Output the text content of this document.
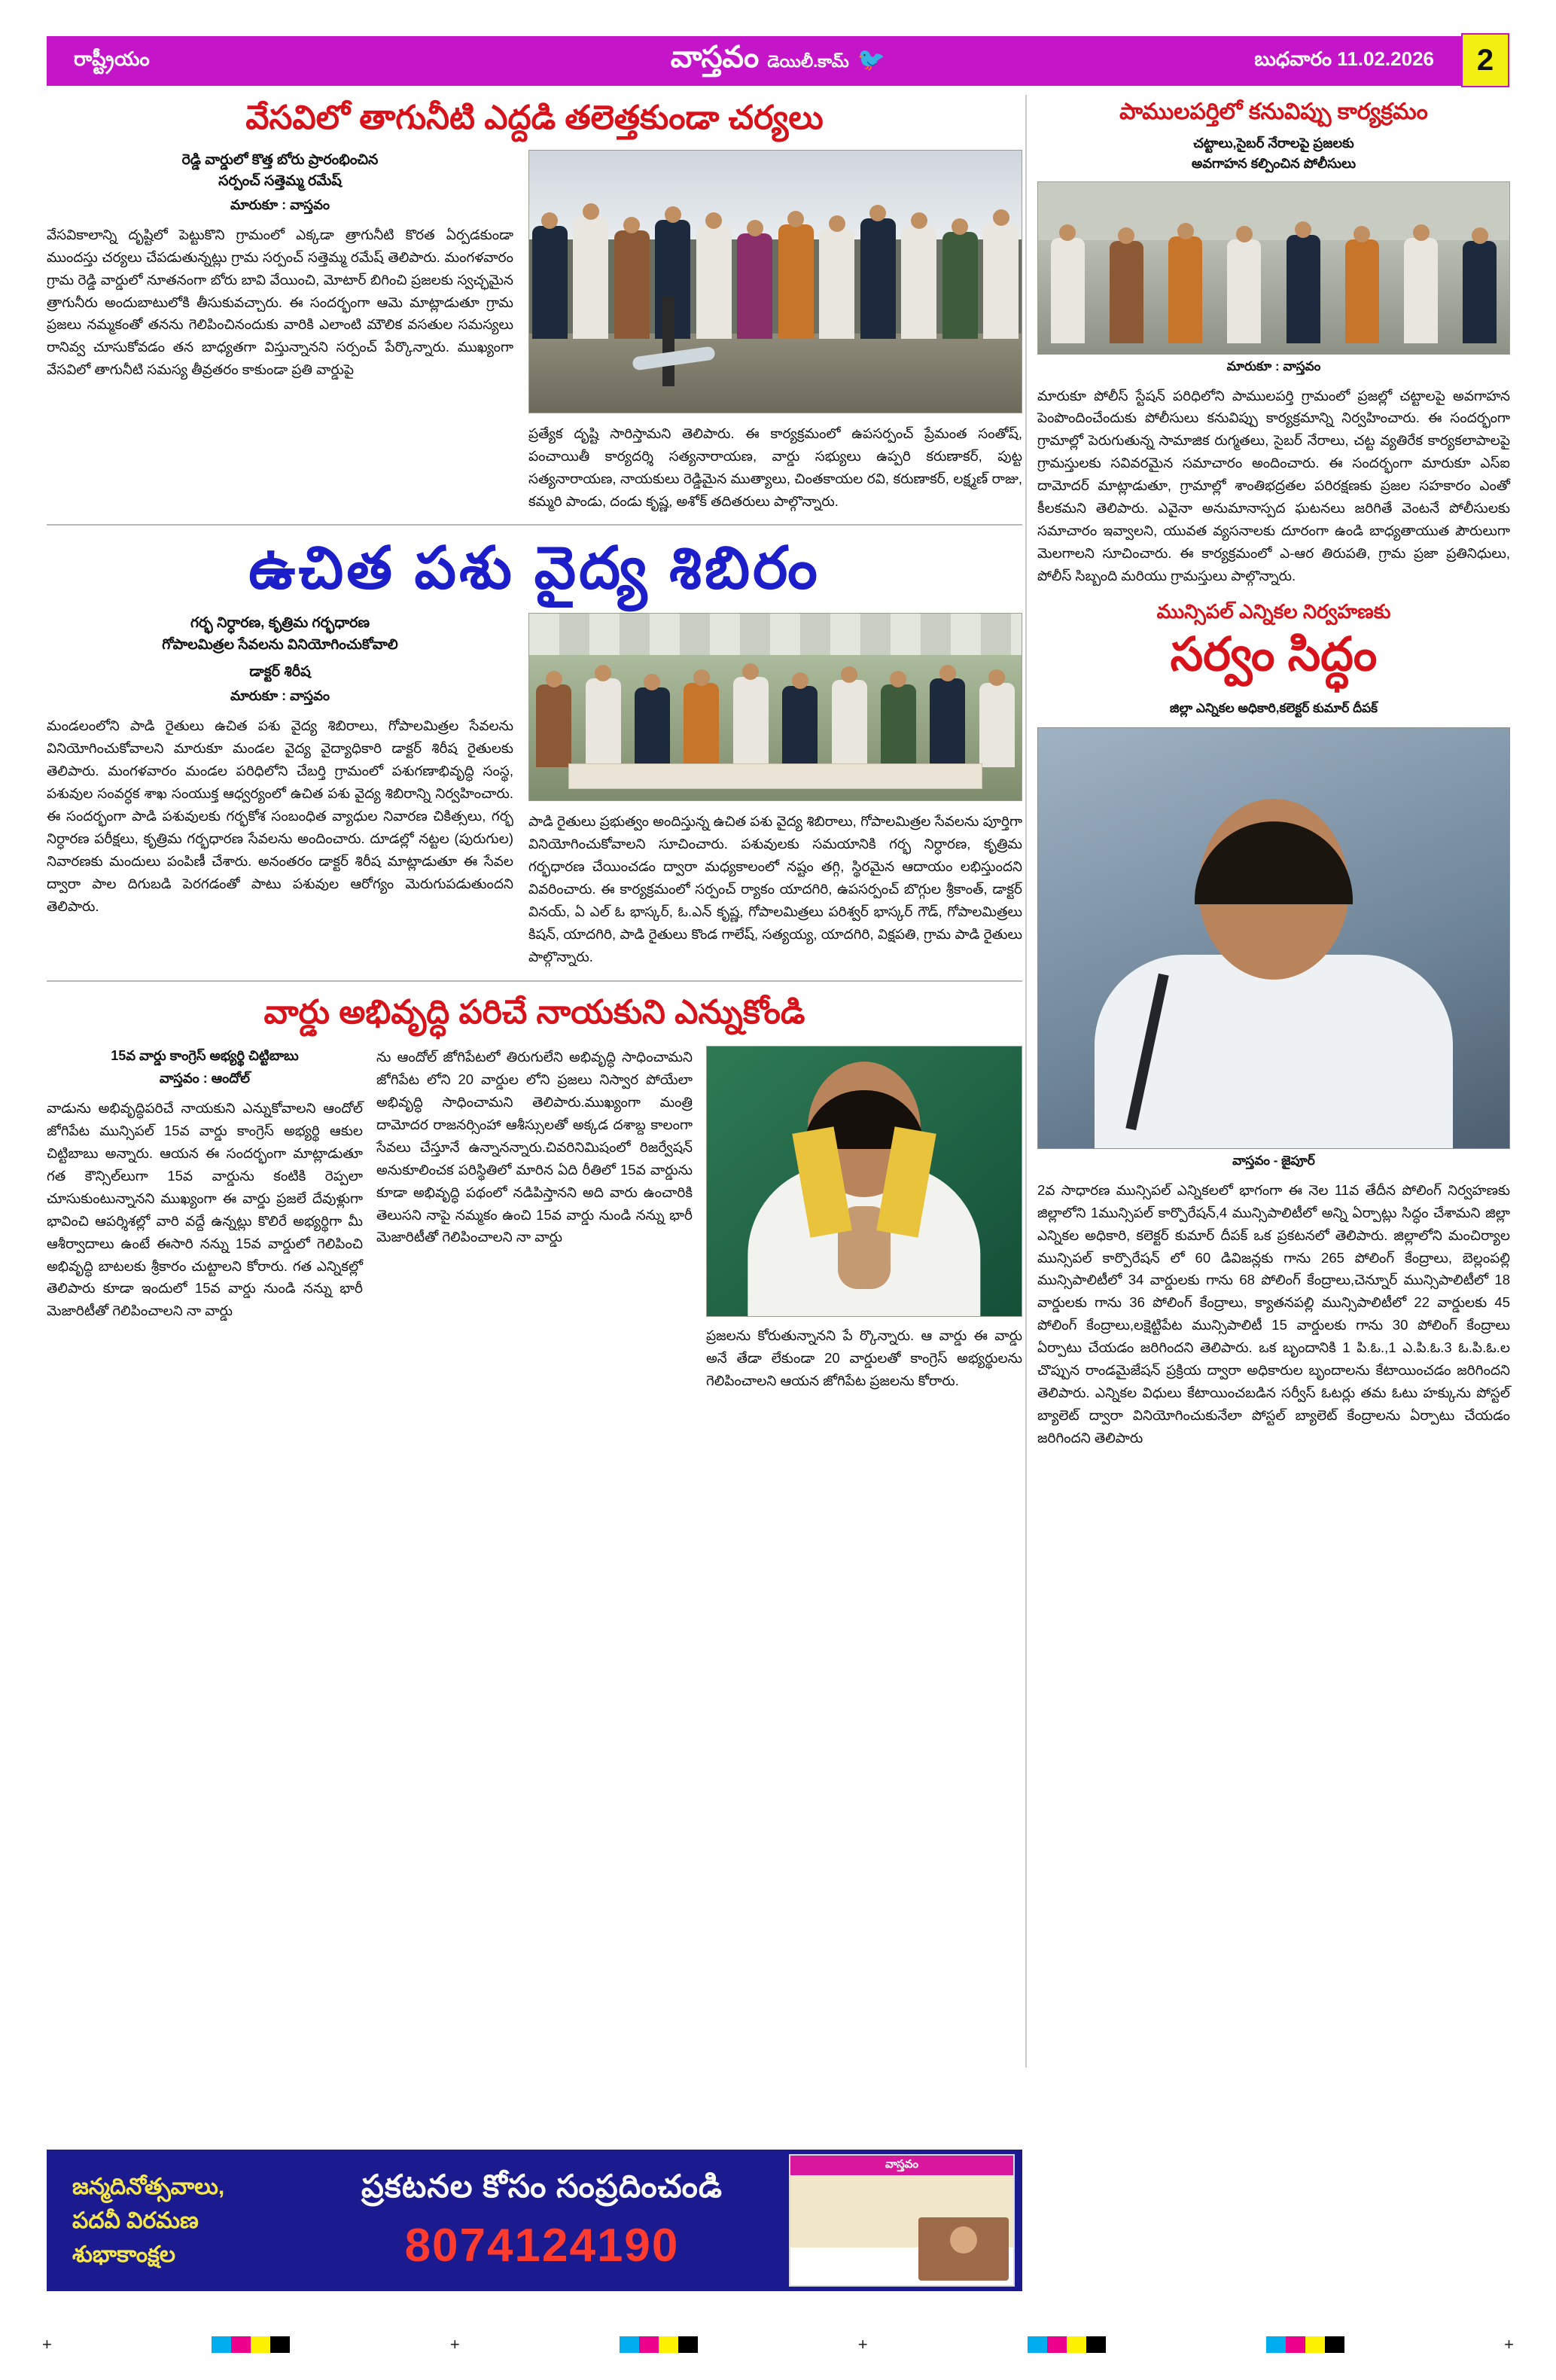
రాష్ట్రీయం	వాస్తవం డెయిలీ.కామ్ 🐦	బుధవారం 11.02.2026	2
వేసవిలో తాగునీటి ఎద్దడి తలెత్తకుండా చర్యలు
రెడ్డి వార్డులో కొత్త బోరు ప్రారంభించిన
సర్పంచ్ సత్తెమ్మ రమేష్
మారుకూ : వాస్తవం
వేసవికాలాన్ని దృష్టిలో పెట్టుకొని గ్రామంలో ఎక్కడా త్రాగునీటి కొరత ఏర్పడకుండా ముందస్తు చర్యలు చేపడుతున్నట్లు గ్రామ సర్పంచ్ సత్తెమ్మ రమేష్ తెలిపారు. మంగళవారం గ్రామ రెడ్డి వార్డులో నూతనంగా బోరు బావి వేయించి, మోటార్ బిగించి ప్రజలకు స్వచ్ఛమైన త్రాగునీరు అందుబాటులోకి తీసుకువచ్చారు. ఈ సందర్భంగా ఆమె మాట్లాడుతూ గ్రామ ప్రజలు నమ్మకంతో తనను గెలిపించినందుకు వారికి ఎలాంటి మౌలిక వసతుల సమస్యలు రానివ్వ చూసుకోవడం తన బాధ్యతగా విస్తున్నానని సర్పంచ్ పేర్కొన్నారు. ముఖ్యంగా వేసవిలో తాగునీటి సమస్య తీవ్రతరం కాకుండా ప్రతి వార్డుపై
ప్రత్యేక దృష్టి సారిస్తామని తెలిపారు. ఈ కార్యక్రమంలో ఉపసర్పంచ్ ప్రేమంత సంతోష్, పంచాయితీ కార్యదర్శి సత్యనారాయణ, వార్డు సభ్యులు ఉప్పరి కరుణాకర్, పుట్ట సత్యనారాయణ, నాయకులు రెడ్డిమైన ముత్యాలు, చింతకాయల రవి, కరుణాకర్, లక్ష్మణ్ రాజు, కమ్మరి పాండు, దండు కృష్ణ, అశోక్ తదితరులు పాల్గొన్నారు.
ఉచిత పశు వైద్య శిబిరం
గర్భ నిర్ధారణ, కృత్రిమ గర్భధారణ
గోపాలమిత్రల సేవలను వినియోగించుకోవాలి
డాక్టర్ శిరీష
మారుకూ : వాస్తవం
మండలంలోని పాడి రైతులు ఉచిత పశు వైద్య శిబిరాలు, గోపాలమిత్రల సేవలను వినియోగించుకోవాలని మారుకూ మండల వైద్య వైద్యాధికారి డాక్టర్ శిరీష రైతులకు తెలిపారు. మంగళవారం మండల పరిధిలోని చేబర్తి గ్రామంలో పశుగణాభివృద్ధి సంస్థ, పశువుల సంవర్ధక శాఖ సంయుక్త ఆధ్వర్యంలో ఉచిత పశు వైద్య శిబిరాన్ని నిర్వహించారు. ఈ సందర్భంగా పాడి పశువులకు గర్భకోశ సంబంధిత వ్యాధుల నివారణ చికిత్సలు, గర్భ నిర్ధారణ పరీక్షలు, కృత్రిమ గర్భధారణ సేవలను అందించారు. దూడల్లో నట్టల (పురుగుల) నివారణకు మందులు పంపిణీ చేశారు. అనంతరం డాక్టర్ శిరీష మాట్లాడుతూ ఈ సేవల ద్వారా పాల దిగుబడి పెరగడంతో పాటు పశువుల ఆరోగ్యం మెరుగుపడుతుందని తెలిపారు.
పాడి రైతులు ప్రభుత్వం అందిస్తున్న ఉచిత పశు వైద్య శిబిరాలు, గోపాలమిత్రల సేవలను పూర్తిగా వినియోగించుకోవాలని సూచించారు. పశువులకు సమయానికి గర్భ నిర్ధారణ, కృత్రిమ గర్భధారణ చేయించడం ద్వారా మధ్యకాలంలో నష్టం తగ్గి, స్థిరమైన ఆదాయం లభిస్తుందని వివరించారు. ఈ కార్యక్రమంలో సర్పంచ్ ర్యాకం యాదగిరి, ఉపసర్పంచ్ బొగ్గుల శ్రీకాంత్, డాక్టర్ వినయ్, ఏ ఎల్ ఓ భాస్కర్, ఓ.ఎన్ కృష్ణ, గోపాలమిత్రలు పరిశ్వర్ భాస్కర్ గౌడ్, గోపాలమిత్రలు కిషన్, యాదగిరి, పాడి రైతులు కొండ గాలేష్, సత్యయ్య, యాదగిరి, విక్షపతి, గ్రామ పాడి రైతులు పాల్గొన్నారు.
వార్డు అభివృద్ధి పరిచే నాయకుని ఎన్నుకోండి
15వ వార్డు కాంగ్రెస్ అభ్యర్థి చిట్టిబాబు
వాస్తవం : ఆందోల్
వాడును అభివృద్ధిపరిచే నాయకుని ఎన్నుకోవాలని ఆందోల్ జోగిపేట మున్సిపల్ 15వ వార్డు కాంగ్రెస్ అభ్యర్థి ఆకుల చిట్టిబాబు అన్నారు. ఆయన ఈ సందర్భంగా మాట్లాడుతూ గత కౌన్సిల్‌లుగా 15వ వార్డును కంటికి రెప్పలా చూసుకుంటున్నానని ముఖ్యంగా ఈ వార్డు ప్రజలే దేవుళ్లుగా భావించి ఆపర్శిశల్లో వారి వద్దే ఉన్నట్లు కొలిరే అభ్యర్థిగా మీ ఆశీర్వాదాలు ఉంటే ఈసారి నన్ను 15వ వార్డులో గెలిపించి అభివృద్ధి బాటలకు శ్రీకారం చుట్టాలని కోరారు. గత ఎన్నికల్లో తెలిపారు కూడా ఇందులో 15వ వార్డు నుండి నన్ను భారీ మెజారిటీతో గెలిపించాలని నా వార్డు
ను ఆందోల్ జోగిపేటలో తిరుగులేని అభివృద్ధి సాధించామని జోగిపేట లోని 20 వార్డుల లోని ప్రజలు నిస్వార పోయేలా అభివృద్ధి సాధించామని తెలిపారు.ముఖ్యంగా మంత్రి దామోదర రాజనర్సింహా ఆశీస్సులతో అక్కడ దశాబ్ద కాలంగా సేవలు చేస్తూనే ఉన్నానన్నారు.చివరినిమిషంలో రిజర్వేషన్ అనుకూలించక పరిస్థితిలో మారిన ఏది రీతిలో 15వ వార్డును కూడా అభివృద్ధి పథంలో నడిపిస్తానని అది వారు ఉంచారికి తెలుసని నాపై నమ్మకం ఉంచి 15వ వార్డు నుండి నన్ను భారీ మెజారిటీతో గెలిపించాలని నా వార్డు
ప్రజలను కోరుతున్నానని పే ర్కొన్నారు. ఆ వార్డు ఈ వార్డు అనే తేడా లేకుండా 20 వార్డులతో కాంగ్రెస్ అభ్యర్థులను గెలిపించాలని ఆయన జోగిపేట ప్రజలను కోరారు.
పాములపర్తిలో కనువిప్పు కార్యక్రమం
చట్టాలు,సైబర్ నేరాలపై ప్రజలకు
అవగాహన కల్పించిన పోలీసులు
మారుకూ : వాస్తవం
మారుకూ పోలీస్ స్టేషన్ పరిధిలోని పాములపర్తి గ్రామంలో ప్రజల్లో చట్టాలపై అవగాహన పెంపొందించేందుకు పోలీసులు కనువిప్పు కార్యక్రమాన్ని నిర్వహించారు. ఈ సందర్భంగా గ్రామాల్లో పెరుగుతున్న సామాజిక రుగ్మతలు, సైబర్ నేరాలు, చట్ట వ్యతిరేక కార్యకలాపాలపై గ్రామస్తులకు సవివరమైన సమాచారం అందించారు. ఈ సందర్భంగా మారుకూ ఎస్ఐ దామోదర్ మాట్లాడుతూ, గ్రామాల్లో శాంతిభద్రతల పరిరక్షణకు ప్రజల సహకారం ఎంతో కీలకమని తెలిపారు. ఎవైనా అనుమానాస్పద ఘటనలు జరిగితే వెంటనే పోలీసులకు సమాచారం ఇవ్వాలని, యువత వ్యసనాలకు దూరంగా ఉండి బాధ్యతాయుత పౌరులుగా మెలగాలని సూచించారు. ఈ కార్యక్రమంలో ఎ-ఆర తిరుపతి, గ్రామ ప్రజా ప్రతినిధులు, పోలీస్ సిబ్బంది మరియు గ్రామస్తులు పాల్గొన్నారు.
మున్సిపల్ ఎన్నికల నిర్వహణకు
సర్వం సిద్ధం
జిల్లా ఎన్నికల అధికారి,కలెక్టర్ కుమార్ దీపక్
వాస్తవం - జైపూర్
2వ సాధారణ మున్సిపల్ ఎన్నికలలో భాగంగా ఈ నెల 11వ తేదీన పోలింగ్ నిర్వహణకు జిల్లాలోని 1మున్సిపల్ కార్పొరేషన్,4 మున్సిపాలిటీలో అన్ని ఏర్పాట్లు సిద్ధం చేశామని జిల్లా ఎన్నికల అధికారి, కలెక్టర్ కుమార్ దీపక్ ఒక ప్రకటనలో తెలిపారు. జిల్లాలోని మంచిర్యాల మున్సిపల్ కార్పొరేషన్ లో 60 డివిజన్లకు గాను 265 పోలింగ్ కేంద్రాలు, బెల్లంపల్లి మున్సిపాలిటీలో 34 వార్డులకు గాను 68 పోలింగ్ కేంద్రాలు,చెన్నూర్ మున్సిపాలిటీలో 18 వార్డులకు గాను 36 పోలింగ్ కేంద్రాలు, క్యాతనపల్లి మున్సిపాలిటీలో 22 వార్డులకు 45 పోలింగ్ కేంద్రాలు,లక్షెట్టిపేట మున్సిపాలిటీ 15 వార్డులకు గాను 30 పోలింగ్ కేంద్రాలు ఏర్పాటు చేయడం జరిగిందని తెలిపారు. ఒక బృందానికి 1 పి.ఓ.,1 ఎ.పి.ఓ.3 ఓ.పి.ఓ.ల చొప్పున రాండమైజేషన్ ప్రక్రియ ద్వారా అధికారుల బృందాలను కేటాయించడం జరిగిందని తెలిపారు. ఎన్నికల విధులు కేటాయించబడిన సర్వీస్ ఓటర్లు తమ ఓటు హక్కును పోస్టల్ బ్యాలెట్ ద్వారా వినియోగించుకునేలా పోస్టల్ బ్యాలెట్ కేంద్రాలను ఏర్పాటు చేయడం జరిగిందని తెలిపారు
జన్మదినోత్సవాలు,
పదవీ విరమణ
శుభాకాంక్షల
ప్రకటనల కోసం సంప్రదించండి
8074124190
వాస్తవం
+	+	+	+
